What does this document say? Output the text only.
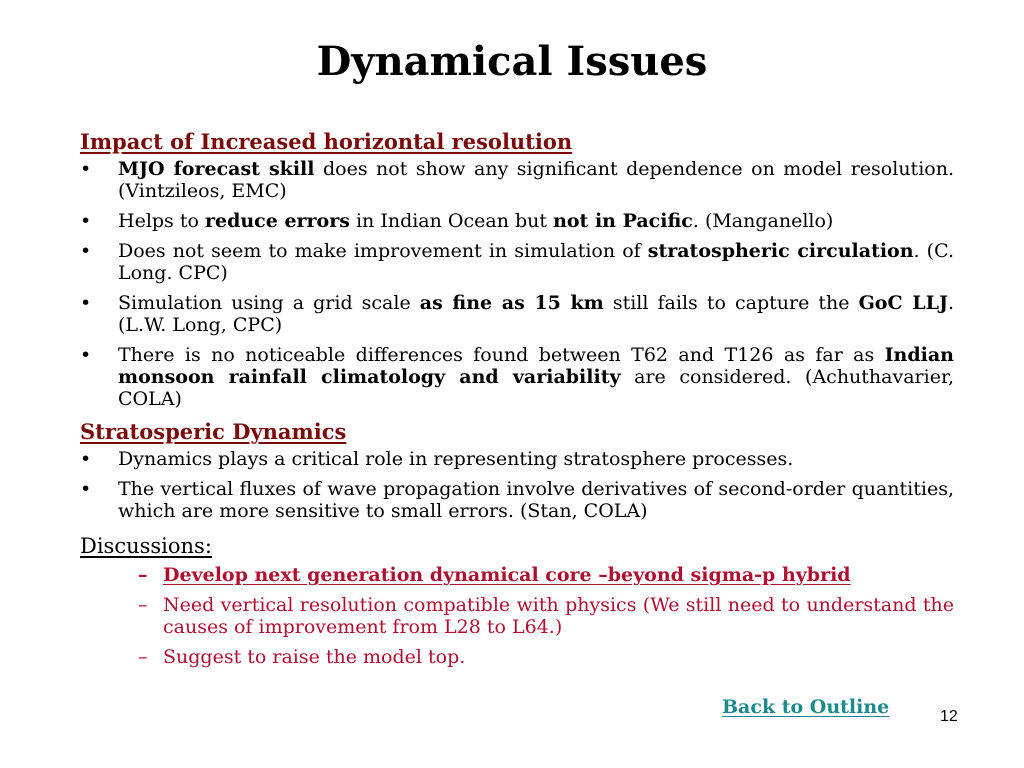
Dynamical Issues
Impact of Increased horizontal resolution
• MJO forecast skill does not show any significant dependence on model resolution. (Vintzileos, EMC)
• Helps to reduce errors in Indian Ocean but not in Pacific. (Manganello)
• Does not seem to make improvement in simulation of stratospheric circulation. (C. Long. CPC)
• Simulation using a grid scale as fine as 15 km still fails to capture the GoC LLJ. (L.W. Long, CPC)
• There is no noticeable differences found between T62 and T126 as far as Indian monsoon rainfall climatology and variability are considered. (Achuthavarier, COLA)
Stratosperic Dynamics
• Dynamics plays a critical role in representing stratosphere processes.
• The vertical fluxes of wave propagation involve derivatives of second-order quantities, which are more sensitive to small errors. (Stan, COLA)
Discussions:
– Develop next generation dynamical core –beyond sigma-p hybrid
– Need vertical resolution compatible with physics (We still need to understand the causes of improvement from L28 to L64.)
– Suggest to raise the model top.
Back to Outline	12
